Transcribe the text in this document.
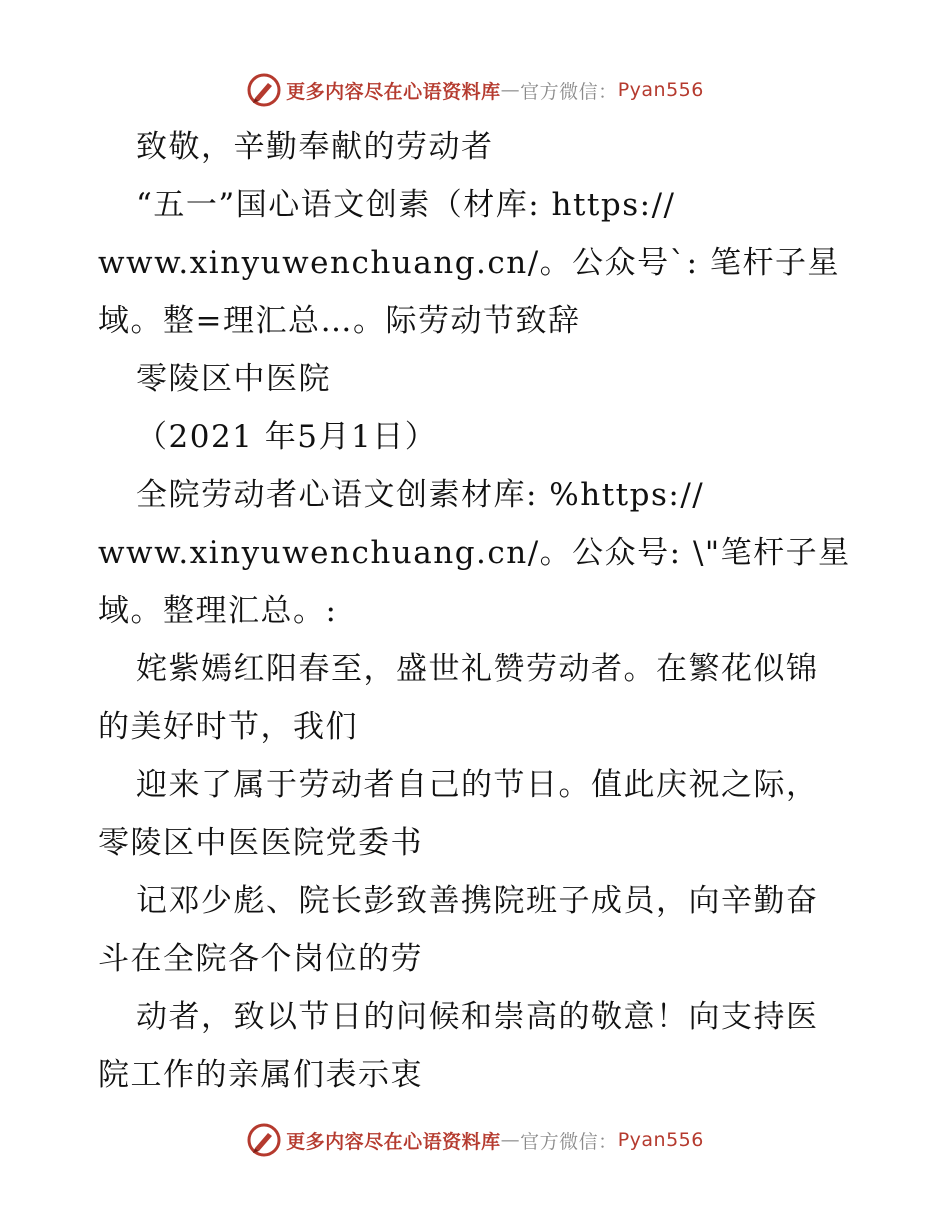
更多内容尽在心语资料库 — 官方微信： Pyan556
致敬，辛勤奉献的劳动者
“五一”国心语文创素（材库: https://
www.xinyuwenchuang.cn/。公众号`: 笔杆子星
域。整=理汇总…。际劳动节致辞
零陵区中医院
（2021 年5月1日）
全院劳动者心语文创素材库: %https://
www.xinyuwenchuang.cn/。公众号: \"笔杆子星
域。整理汇总。:
姹紫嫣红阳春至，盛世礼赞劳动者。在繁花似锦
的美好时节，我们
迎来了属于劳动者自己的节日。值此庆祝之际，
零陵区中医医院党委书
记邓少彪、院长彭致善携院班子成员，向辛勤奋
斗在全院各个岗位的劳
动者，致以节日的问候和崇高的敬意！向支持医
院工作的亲属们表示衷
更多内容尽在心语资料库 — 官方微信： Pyan556
